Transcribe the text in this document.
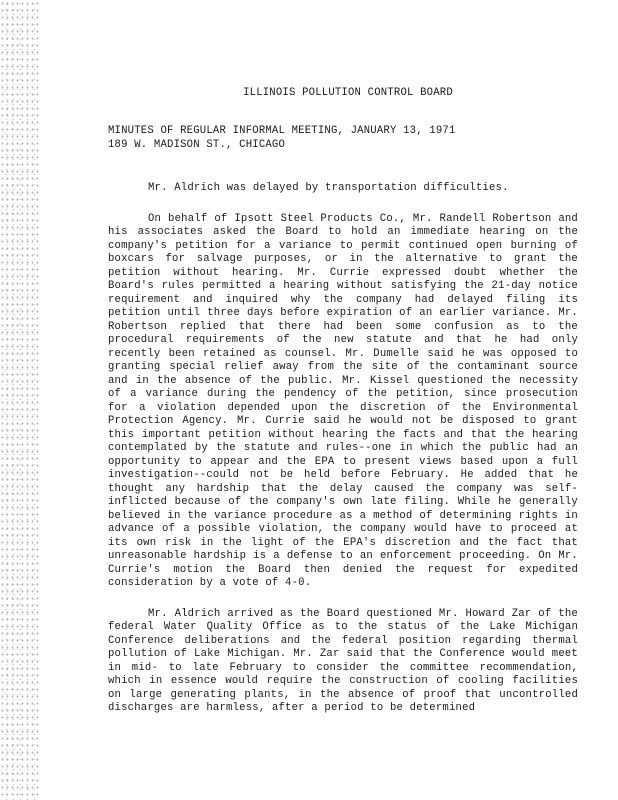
ILLINOIS POLLUTION CONTROL BOARD
MINUTES OF REGULAR INFORMAL MEETING, JANUARY 13, 1971
189 W. MADISON ST., CHICAGO

Mr. Aldrich was delayed by transportation difficulties.

On behalf of Ipsott Steel Products Co., Mr. Randell Robertson and his associates asked the Board to hold an immediate hearing on the company's petition for a variance to permit continued open burning of boxcars for salvage purposes, or in the alternative to grant the petition without hearing. Mr. Currie expressed doubt whether the Board's rules permitted a hearing without satisfying the 21-day notice requirement and inquired why the company had delayed filing its petition until three days before expiration of an earlier variance. Mr. Robertson replied that there had been some confusion as to the procedural requirements of the new statute and that he had only recently been retained as counsel. Mr. Dumelle said he was opposed to granting special relief away from the site of the contaminant source and in the absence of the public. Mr. Kissel questioned the necessity of a variance during the pendency of the petition, since prosecution for a violation depended upon the discretion of the Environmental Protection Agency. Mr. Currie said he would not be disposed to grant this important petition without hearing the facts and that the hearing contemplated by the statute and rules--one in which the public had an opportunity to appear and the EPA to present views based upon a full investigation--could not be held before February. He added that he thought any hardship that the delay caused the company was self-inflicted because of the company's own late filing. While he generally believed in the variance procedure as a method of determining rights in advance of a possible violation, the company would have to proceed at its own risk in the light of the EPA's discretion and the fact that unreasonable hardship is a defense to an enforcement proceeding. On Mr. Currie's motion the Board then denied the request for expedited consideration by a vote of 4-0.

Mr. Aldrich arrived as the Board questioned Mr. Howard Zar of the federal Water Quality Office as to the status of the Lake Michigan Conference deliberations and the federal position regarding thermal pollution of Lake Michigan. Mr. Zar said that the Conference would meet in mid- to late February to consider the committee recommendation, which in essence would require the construction of cooling facilities on large generating plants, in the absence of proof that uncontrolled discharges are harmless, after a period to be determined
